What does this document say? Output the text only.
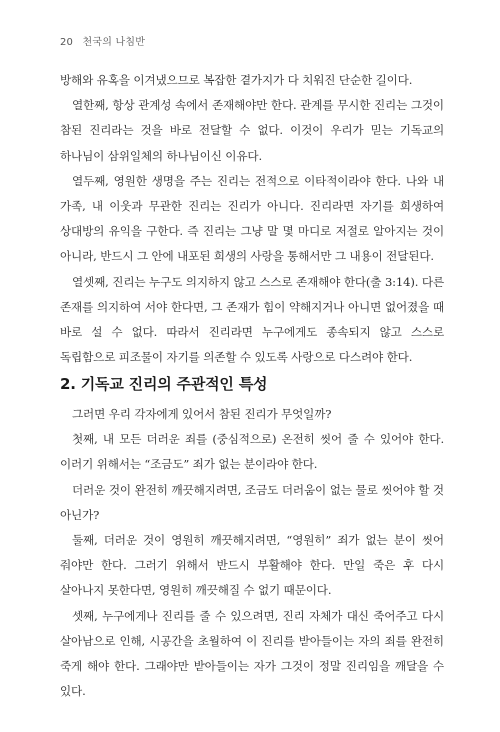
20 천국의 나침반

방해와 유혹을 이겨냈으므로 복잡한 곁가지가 다 치워진 단순한 길이다.

열한째, 항상 관계성 속에서 존재해야만 한다. 관계를 무시한 진리는 그것이 참된 진리라는 것을 바로 전달할 수 없다. 이것이 우리가 믿는 기독교의 하나님이 삼위일체의 하나님이신 이유다.

열두째, 영원한 생명을 주는 진리는 전적으로 이타적이라야 한다. 나와 내 가족, 내 이웃과 무관한 진리는 진리가 아니다. 진리라면 자기를 희생하여 상대방의 유익을 구한다. 즉 진리는 그냥 말 몇 마디로 저절로 알아지는 것이 아니라, 반드시 그 안에 내포된 희생의 사랑을 통해서만 그 내용이 전달된다.

열셋째, 진리는 누구도 의지하지 않고 스스로 존재해야 한다(출 3:14). 다른 존재를 의지하여 서야 한다면, 그 존재가 힘이 약해지거나 아니면 없어졌을 때 바로 설 수 없다. 따라서 진리라면 누구에게도 종속되지 않고 스스로 독립함으로 피조물이 자기를 의존할 수 있도록 사랑으로 다스려야 한다.

2. 기독교 진리의 주관적인 특성

그러면 우리 각자에게 있어서 참된 진리가 무엇일까?

첫째, 내 모든 더러운 죄를 (중심적으로) 온전히 씻어 줄 수 있어야 한다. 이러기 위해서는 “조금도” 죄가 없는 분이라야 한다.

더러운 것이 완전히 깨끗해지려면, 조금도 더러움이 없는 물로 씻어야 할 것 아닌가?

둘째, 더러운 것이 영원히 깨끗해지려면, “영원히” 죄가 없는 분이 씻어 줘야만 한다. 그러기 위해서 반드시 부활해야 한다. 만일 죽은 후 다시 살아나지 못한다면, 영원히 깨끗해질 수 없기 때문이다.

셋째, 누구에게나 진리를 줄 수 있으려면, 진리 자체가 대신 죽어주고 다시 살아남으로 인해, 시공간을 초월하여 이 진리를 받아들이는 자의 죄를 완전히 죽게 해야 한다. 그래야만 받아들이는 자가 그것이 정말 진리임을 깨달을 수 있다.
